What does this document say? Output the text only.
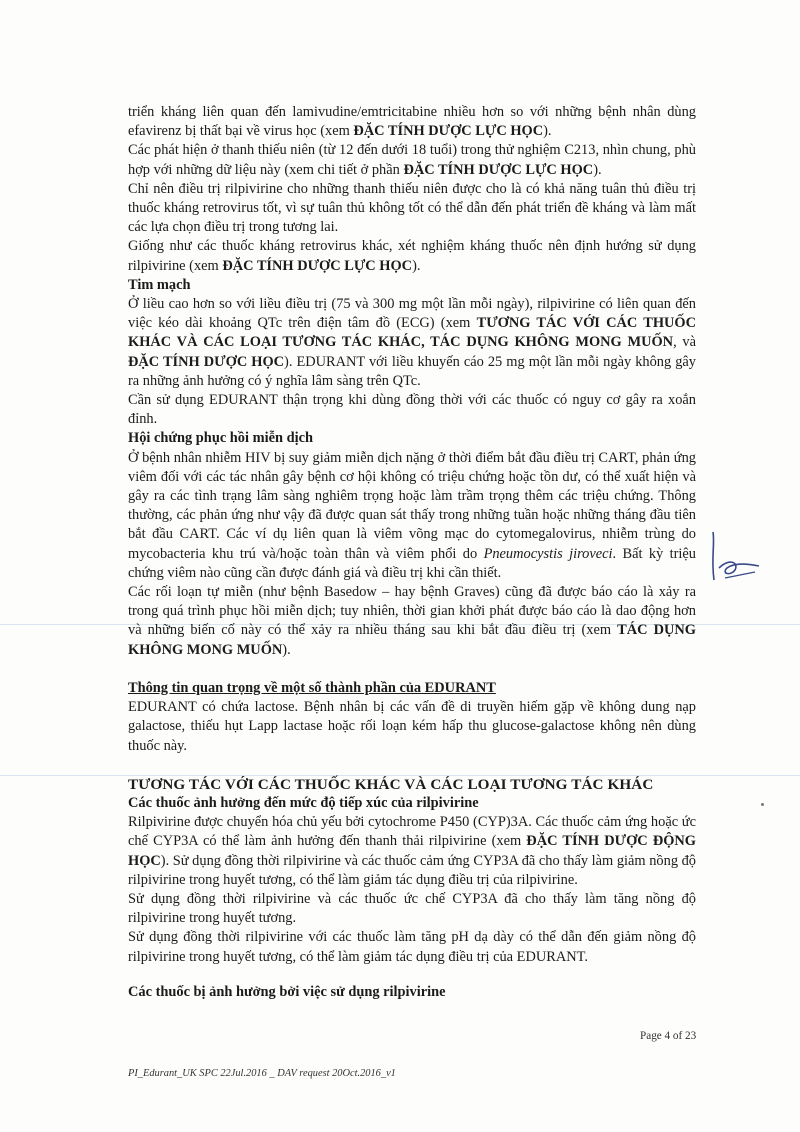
triển kháng liên quan đến lamivudine/emtricitabine nhiều hơn so với những bệnh nhân dùng efavirenz bị thất bại về virus học (xem ĐẶC TÍNH DƯỢC LỰC HỌC).

Các phát hiện ở thanh thiếu niên (từ 12 đến dưới 18 tuổi) trong thử nghiệm C213, nhìn chung, phù hợp với những dữ liệu này (xem chi tiết ở phần ĐẶC TÍNH DƯỢC LỰC HỌC).

Chỉ nên điều trị rilpivirine cho những thanh thiếu niên được cho là có khả năng tuân thủ điều trị thuốc kháng retrovirus tốt, vì sự tuân thủ không tốt có thể dẫn đến phát triển đề kháng và làm mất các lựa chọn điều trị trong tương lai.

Giống như các thuốc kháng retrovirus khác, xét nghiệm kháng thuốc nên định hướng sử dụng rilpivirine (xem ĐẶC TÍNH DƯỢC LỰC HỌC).

Tim mạch

Ở liều cao hơn so với liều điều trị (75 và 300 mg một lần mỗi ngày), rilpivirine có liên quan đến việc kéo dài khoảng QTc trên điện tâm đồ (ECG) (xem TƯƠNG TÁC VỚI CÁC THUỐC KHÁC VÀ CÁC LOẠI TƯƠNG TÁC KHÁC, TÁC DỤNG KHÔNG MONG MUỐN, và ĐẶC TÍNH DƯỢC HỌC). EDURANT với liều khuyến cáo 25 mg một lần mỗi ngày không gây ra những ảnh hưởng có ý nghĩa lâm sàng trên QTc.

Cần sử dụng EDURANT thận trọng khi dùng đồng thời với các thuốc có nguy cơ gây ra xoắn đỉnh.

Hội chứng phục hồi miễn dịch

Ở bệnh nhân nhiễm HIV bị suy giảm miễn dịch nặng ở thời điểm bắt đầu điều trị CART, phản ứng viêm đối với các tác nhân gây bệnh cơ hội không có triệu chứng hoặc tồn dư, có thể xuất hiện và gây ra các tình trạng lâm sàng nghiêm trọng hoặc làm trầm trọng thêm các triệu chứng. Thông thường, các phản ứng như vậy đã được quan sát thấy trong những tuần hoặc những tháng đầu tiên bắt đầu CART. Các ví dụ liên quan là viêm võng mạc do cytomegalovirus, nhiễm trùng do mycobacteria khu trú và/hoặc toàn thân và viêm phổi do Pneumocystis jiroveci. Bất kỳ triệu chứng viêm nào cũng cần được đánh giá và điều trị khi cần thiết.

Các rối loạn tự miễn (như bệnh Basedow – hay bệnh Graves) cũng đã được báo cáo là xảy ra trong quá trình phục hồi miễn dịch; tuy nhiên, thời gian khởi phát được báo cáo là dao động hơn và những biến cố này có thể xảy ra nhiều tháng sau khi bắt đầu điều trị (xem TÁC DỤNG KHÔNG MONG MUỐN).

Thông tin quan trọng về một số thành phần của EDURANT

EDURANT có chứa lactose. Bệnh nhân bị các vấn đề di truyền hiếm gặp về không dung nạp galactose, thiếu hụt Lapp lactase hoặc rối loạn kém hấp thu glucose-galactose không nên dùng thuốc này.

TƯƠNG TÁC VỚI CÁC THUỐC KHÁC VÀ CÁC LOẠI TƯƠNG TÁC KHÁC

Các thuốc ảnh hưởng đến mức độ tiếp xúc của rilpivirine

Rilpivirine được chuyển hóa chủ yếu bởi cytochrome P450 (CYP)3A. Các thuốc cảm ứng hoặc ức chế CYP3A có thể làm ảnh hưởng đến thanh thải rilpivirine (xem ĐẶC TÍNH DƯỢC ĐỘNG HỌC). Sử dụng đồng thời rilpivirine và các thuốc cảm ứng CYP3A đã cho thấy làm giảm nồng độ rilpivirine trong huyết tương, có thể làm giảm tác dụng điều trị của rilpivirine.

Sử dụng đồng thời rilpivirine và các thuốc ức chế CYP3A đã cho thấy làm tăng nồng độ rilpivirine trong huyết tương.

Sử dụng đồng thời rilpivirine với các thuốc làm tăng pH dạ dày có thể dẫn đến giảm nồng độ rilpivirine trong huyết tương, có thể làm giảm tác dụng điều trị của EDURANT.

Các thuốc bị ảnh hưởng bởi việc sử dụng rilpivirine
Page 4 of 23
PI_Edurant_UK SPC 22Jul.2016 _ DAV request 20Oct.2016_v1
